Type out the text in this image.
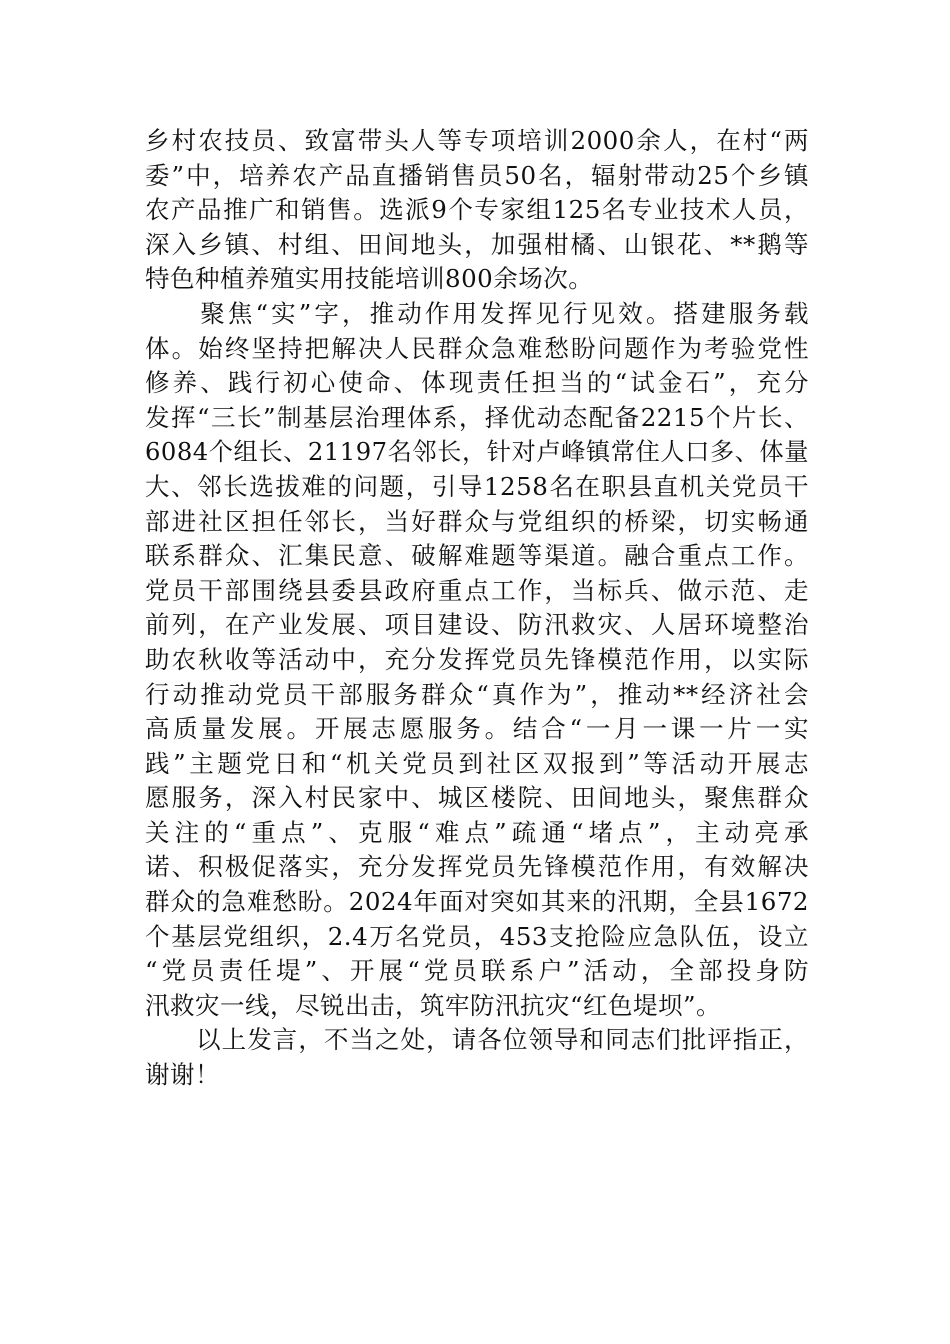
乡村农技员、致富带头人等专项培训2000余人，在村“两
委”中，培养农产品直播销售员50名，辐射带动25个乡镇
农产品推广和销售。选派9个专家组125名专业技术人员，
深入乡镇、村组、田间地头，加强柑橘、山银花、**鹅等
特色种植养殖实用技能培训800余场次。
　　聚焦“实”字，推动作用发挥见行见效。搭建服务载
体。始终坚持把解决人民群众急难愁盼问题作为考验党性
修养、践行初心使命、体现责任担当的“试金石”，充分
发挥“三长”制基层治理体系，择优动态配备2215个片长、
6084个组长、21197名邻长，针对卢峰镇常住人口多、体量
大、邻长选拔难的问题，引导1258名在职县直机关党员干
部进社区担任邻长，当好群众与党组织的桥梁，切实畅通
联系群众、汇集民意、破解难题等渠道。融合重点工作。
党员干部围绕县委县政府重点工作，当标兵、做示范、走
前列，在产业发展、项目建设、防汛救灾、人居环境整治
助农秋收等活动中，充分发挥党员先锋模范作用，以实际
行动推动党员干部服务群众“真作为”，推动**经济社会
高质量发展。开展志愿服务。结合“一月一课一片一实
践”主题党日和“机关党员到社区双报到”等活动开展志
愿服务，深入村民家中、城区楼院、田间地头，聚焦群众
关注的“重点”、克服“难点”疏通“堵点”，主动亮承
诺、积极促落实，充分发挥党员先锋模范作用，有效解决
群众的急难愁盼。2024年面对突如其来的汛期，全县1672
个基层党组织，2.4万名党员，453支抢险应急队伍，设立
“党员责任堤”、开展“党员联系户”活动，全部投身防
汛救灾一线，尽锐出击，筑牢防汛抗灾“红色堤坝”。
　　以上发言，不当之处，请各位领导和同志们批评指正，
谢谢！
